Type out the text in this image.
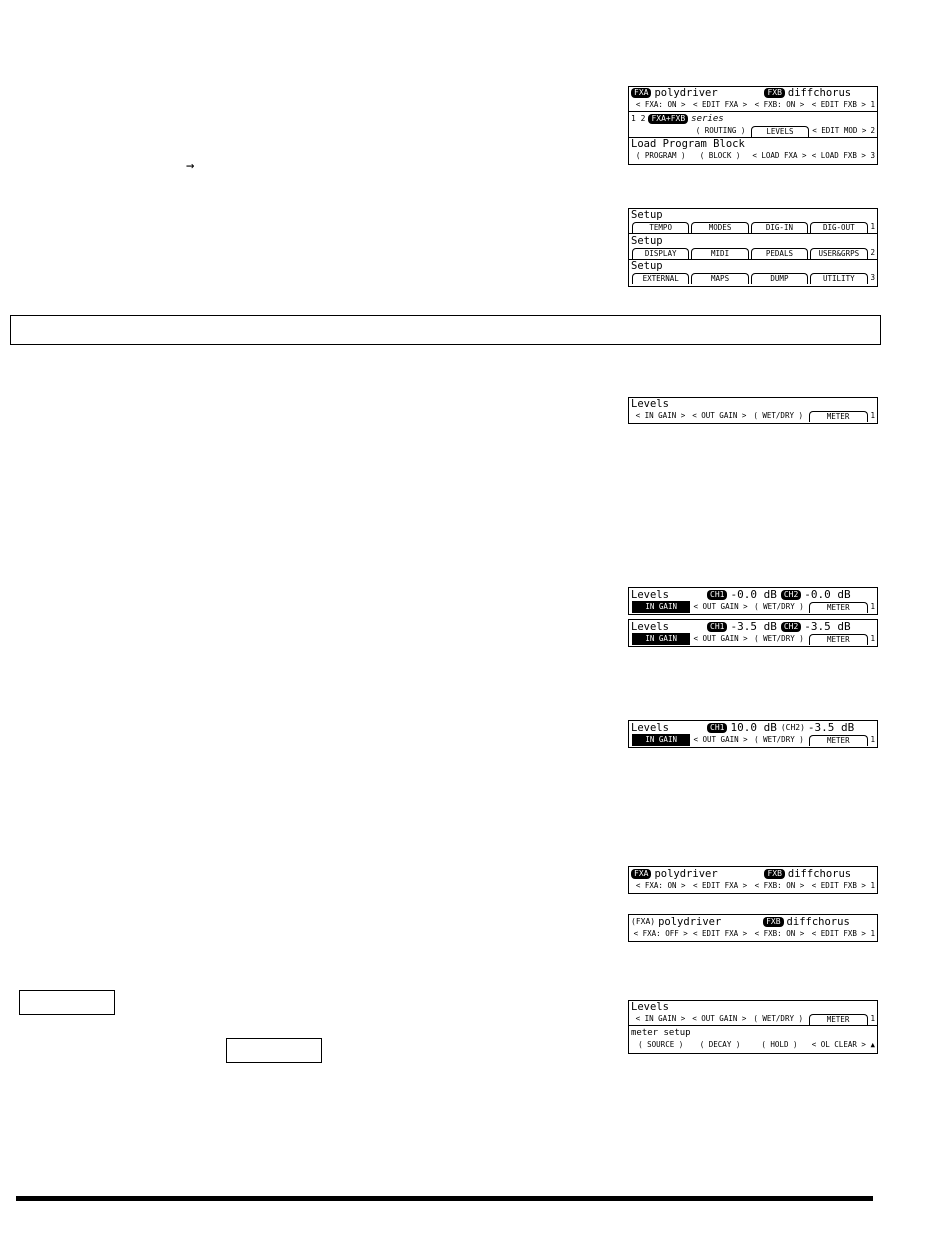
→
FXA polydriver	FXB diffchorus
< FXA: ON > < EDIT FXA > < FXB: ON > < EDIT FXB > 1
1 2 FXA+FXB series
( ROUTING )	LEVELS	< EDIT MOD > 2
Load Program Block
( PROGRAM )	( BLOCK )	< LOAD FXA > < LOAD FXB > 3
Setup
TEMPO	MODES	DIG-IN	DIG-OUT	1
Setup
DISPLAY	MIDI	PEDALS	USER&GRPS	2
Setup
EXTERNAL	MAPS	DUMP	UTILITY	3
Levels
< IN GAIN > < OUT GAIN > ( WET/DRY )	METER	1
Levels	CH1 -0.0 dB CH2 -0.0 dB
IN GAIN	< OUT GAIN > ( WET/DRY )	METER	1
Levels	CH1 -3.5 dB CH2 -3.5 dB
IN GAIN	< OUT GAIN > ( WET/DRY )	METER	1
Levels	CH1 10.0 dB (CH2) -3.5 dB
IN GAIN	< OUT GAIN > ( WET/DRY )	METER	1
FXA polydriver	FXB diffchorus
< FXA: ON > < EDIT FXA > < FXB: ON > < EDIT FXB > 1
(FXA) polydriver	FXB diffchorus
< FXA: OFF > < EDIT FXA > < FXB: ON > < EDIT FXB > 1
Levels
< IN GAIN > < OUT GAIN > ( WET/DRY )	METER	1
meter setup
( SOURCE )	( DECAY )	( HOLD )	< OL CLEAR > ▲
